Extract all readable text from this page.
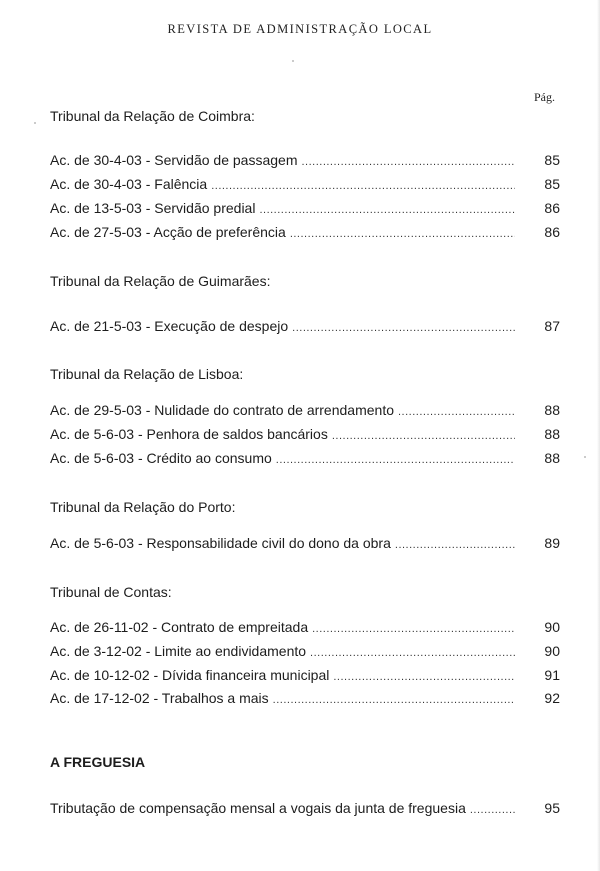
REVISTA DE ADMINISTRAÇÃO LOCAL
Pág.
Tribunal da Relação de Coimbra:
Ac. de 30-4-03 - Servidão de passagem .....	85
Ac. de 30-4-03 - Falência .....	85
Ac. de 13-5-03 - Servidão predial .....	86
Ac. de 27-5-03 - Acção de preferência .....	86
Tribunal da Relação de Guimarães:
Ac. de 21-5-03 - Execução de despejo .....	87
Tribunal da Relação de Lisboa:
Ac. de 29-5-03 - Nulidade do contrato de arrendamento .....	88
Ac. de 5-6-03 - Penhora de saldos bancários .....	88
Ac. de 5-6-03 - Crédito ao consumo .....	88
Tribunal da Relação do Porto:
Ac. de 5-6-03 - Responsabilidade civil do dono da obra .....	89
Tribunal de Contas:
Ac. de 26-11-02 - Contrato de empreitada .....	90
Ac. de 3-12-02 - Limite ao endividamento .....	90
Ac. de 10-12-02 - Dívida financeira municipal .....	91
Ac. de 17-12-02 - Trabalhos a mais .....	92
A FREGUESIA
Tributação de compensação mensal a vogais da junta de freguesia .....	95
